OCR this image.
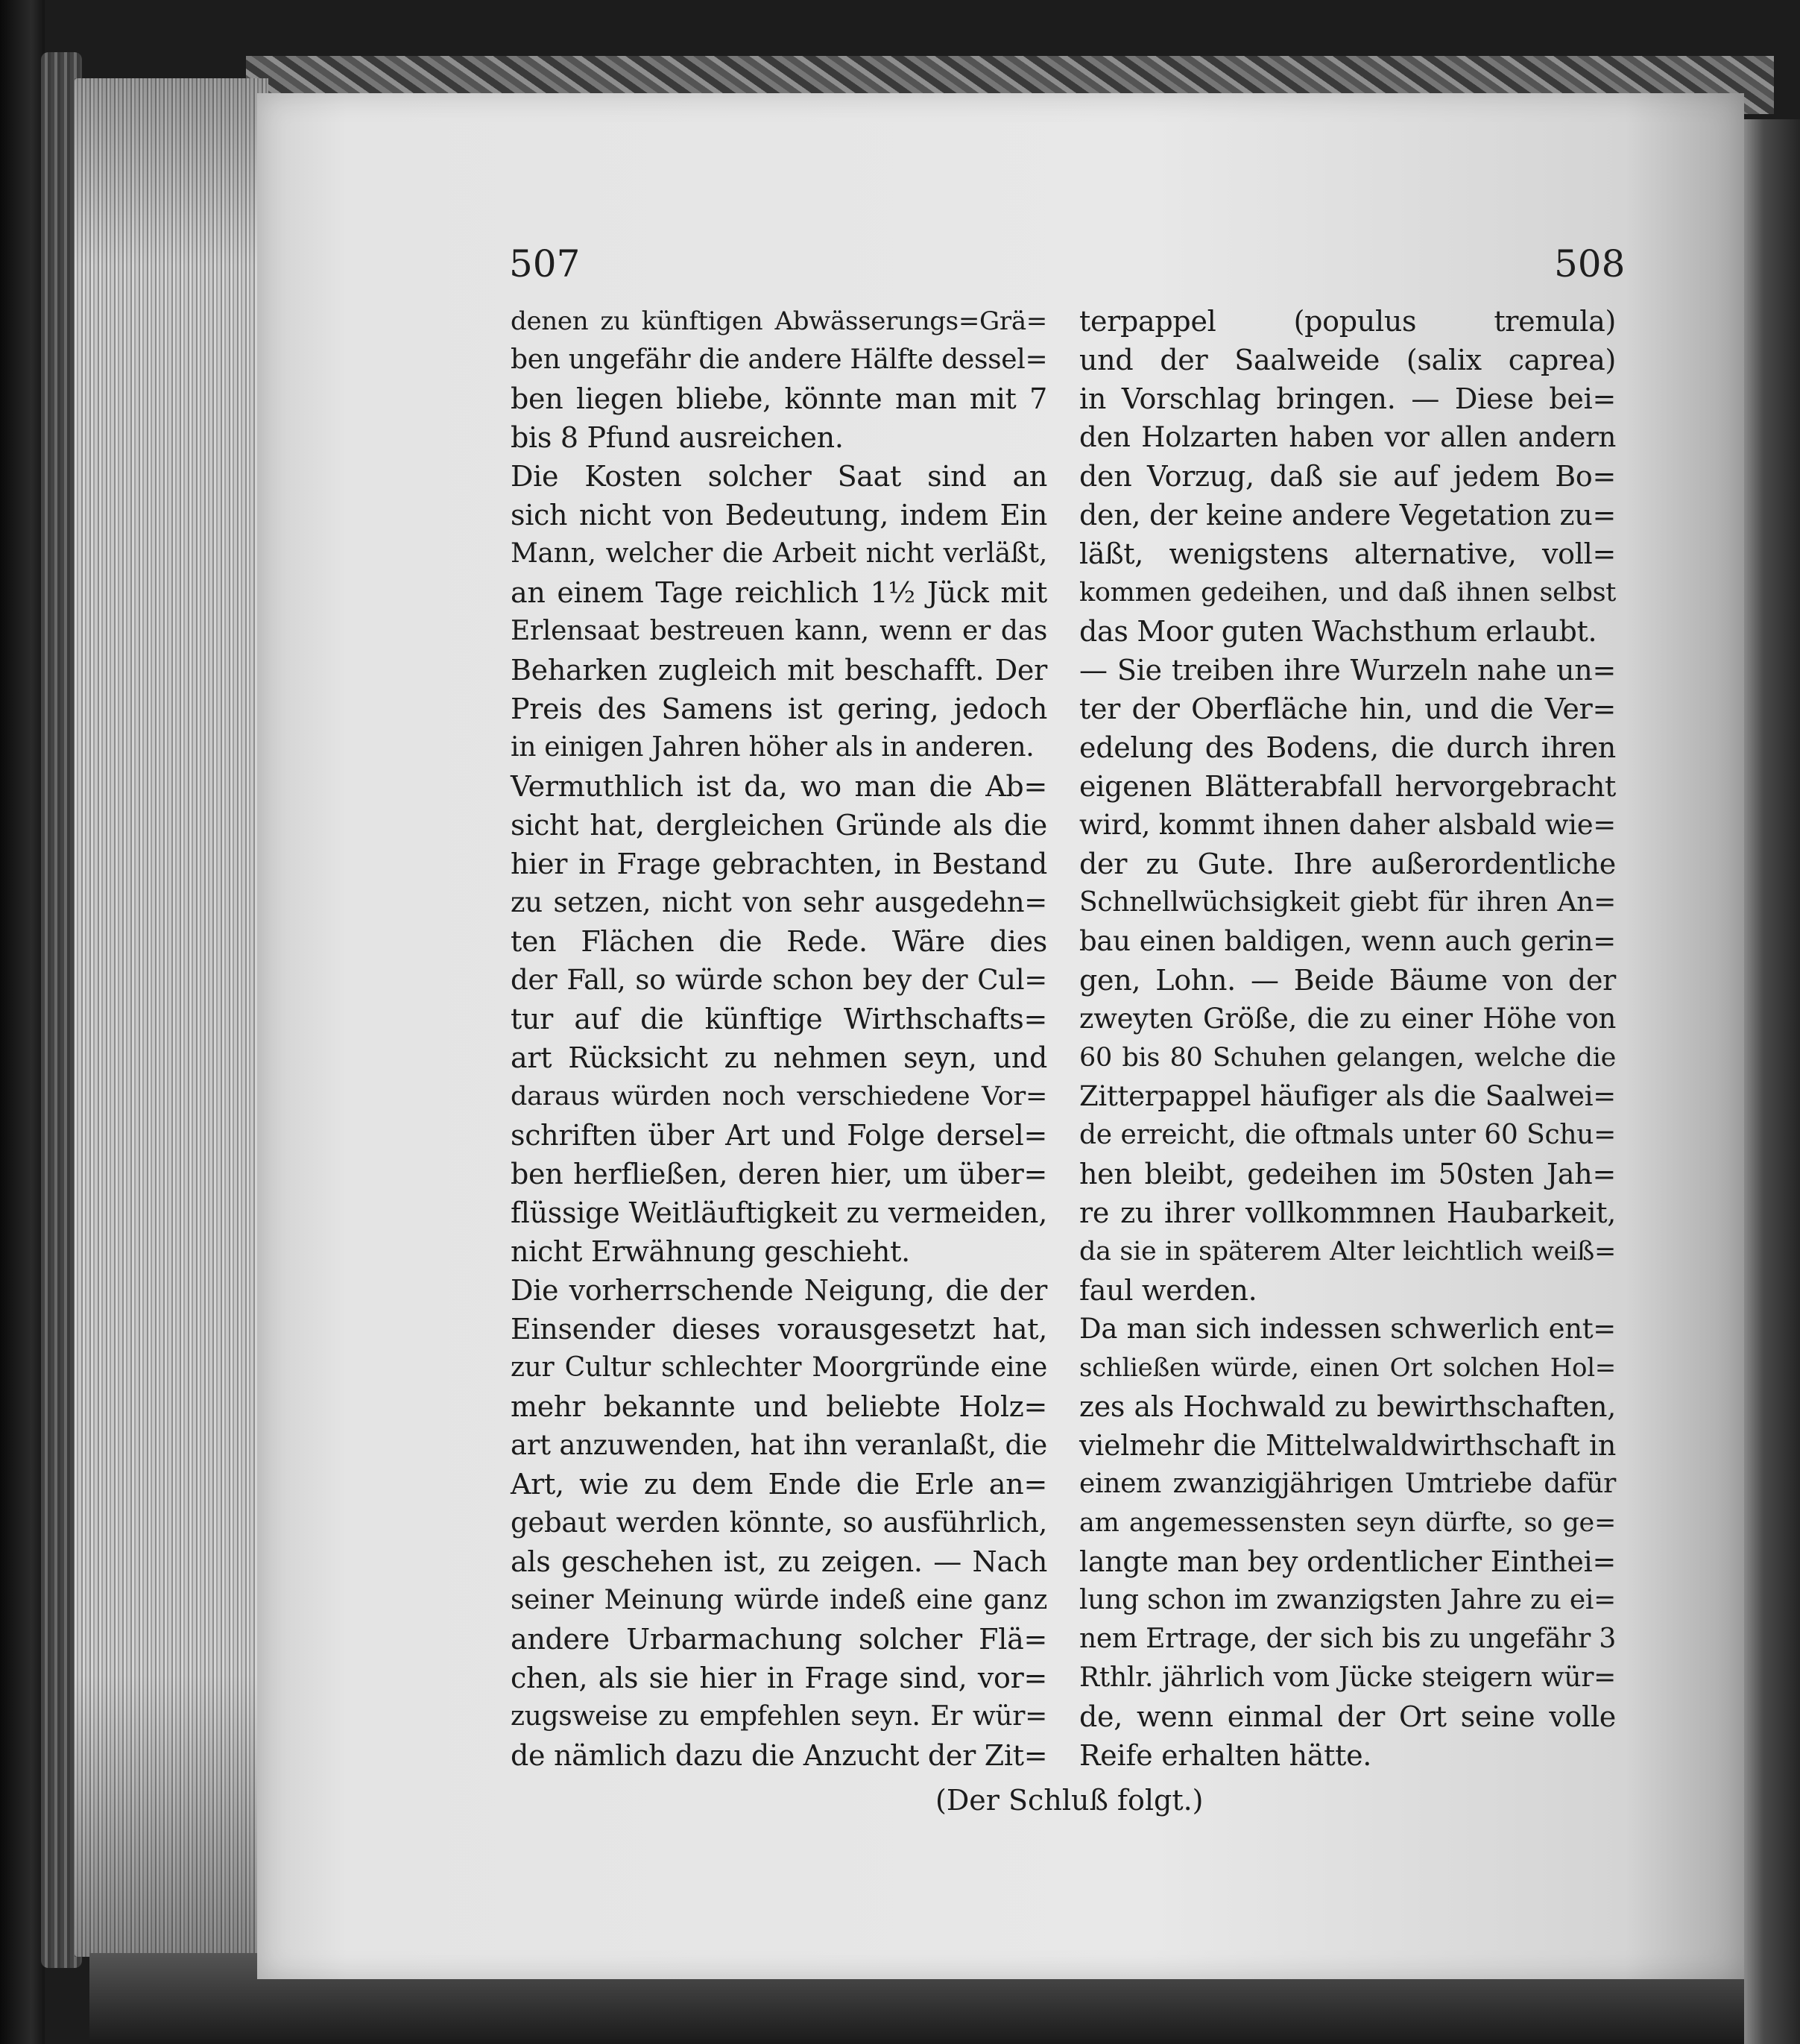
507	508
denen zu künftigen Abwässerungs=Grä=
ben ungefähr die andere Hälfte dessel=
ben liegen bliebe, könnte man mit 7
bis 8 Pfund ausreichen.
Die Kosten solcher Saat sind an
sich nicht von Bedeutung, indem Ein
Mann, welcher die Arbeit nicht verläßt,
an einem Tage reichlich 1½ Jück mit
Erlensaat bestreuen kann, wenn er das
Beharken zugleich mit beschafft. Der
Preis des Samens ist gering, jedoch
in einigen Jahren höher als in anderen.
Vermuthlich ist da, wo man die Ab=
sicht hat, dergleichen Gründe als die
hier in Frage gebrachten, in Bestand
zu setzen, nicht von sehr ausgedehn=
ten Flächen die Rede. Wäre dies
der Fall, so würde schon bey der Cul=
tur auf die künftige Wirthschafts=
art Rücksicht zu nehmen seyn, und
daraus würden noch verschiedene Vor=
schriften über Art und Folge dersel=
ben herfließen, deren hier, um über=
flüssige Weitläuftigkeit zu vermeiden,
nicht Erwähnung geschieht.
Die vorherrschende Neigung, die der
Einsender dieses vorausgesetzt hat,
zur Cultur schlechter Moorgründe eine
mehr bekannte und beliebte Holz=
art anzuwenden, hat ihn veranlaßt, die
Art, wie zu dem Ende die Erle an=
gebaut werden könnte, so ausführlich,
als geschehen ist, zu zeigen. — Nach
seiner Meinung würde indeß eine ganz
andere Urbarmachung solcher Flä=
chen, als sie hier in Frage sind, vor=
zugsweise zu empfehlen seyn. Er wür=
de nämlich dazu die Anzucht der Zit=
terpappel (populus tremula)
und der Saalweide (salix caprea)
in Vorschlag bringen. — Diese bei=
den Holzarten haben vor allen andern
den Vorzug, daß sie auf jedem Bo=
den, der keine andere Vegetation zu=
läßt, wenigstens alternative, voll=
kommen gedeihen, und daß ihnen selbst
das Moor guten Wachsthum erlaubt.
— Sie treiben ihre Wurzeln nahe un=
ter der Oberfläche hin, und die Ver=
edelung des Bodens, die durch ihren
eigenen Blätterabfall hervorgebracht
wird, kommt ihnen daher alsbald wie=
der zu Gute. Ihre außerordentliche
Schnellwüchsigkeit giebt für ihren An=
bau einen baldigen, wenn auch gerin=
gen, Lohn. — Beide Bäume von der
zweyten Größe, die zu einer Höhe von
60 bis 80 Schuhen gelangen, welche die
Zitterpappel häufiger als die Saalwei=
de erreicht, die oftmals unter 60 Schu=
hen bleibt, gedeihen im 50sten Jah=
re zu ihrer vollkommnen Haubarkeit,
da sie in späterem Alter leichtlich weiß=
faul werden.
Da man sich indessen schwerlich ent=
schließen würde, einen Ort solchen Hol=
zes als Hochwald zu bewirthschaften,
vielmehr die Mittelwaldwirthschaft in
einem zwanzigjährigen Umtriebe dafür
am angemessensten seyn dürfte, so ge=
langte man bey ordentlicher Einthei=
lung schon im zwanzigsten Jahre zu ei=
nem Ertrage, der sich bis zu ungefähr 3
Rthlr. jährlich vom Jücke steigern wür=
de, wenn einmal der Ort seine volle
Reife erhalten hätte.
(Der Schluß folgt.)
